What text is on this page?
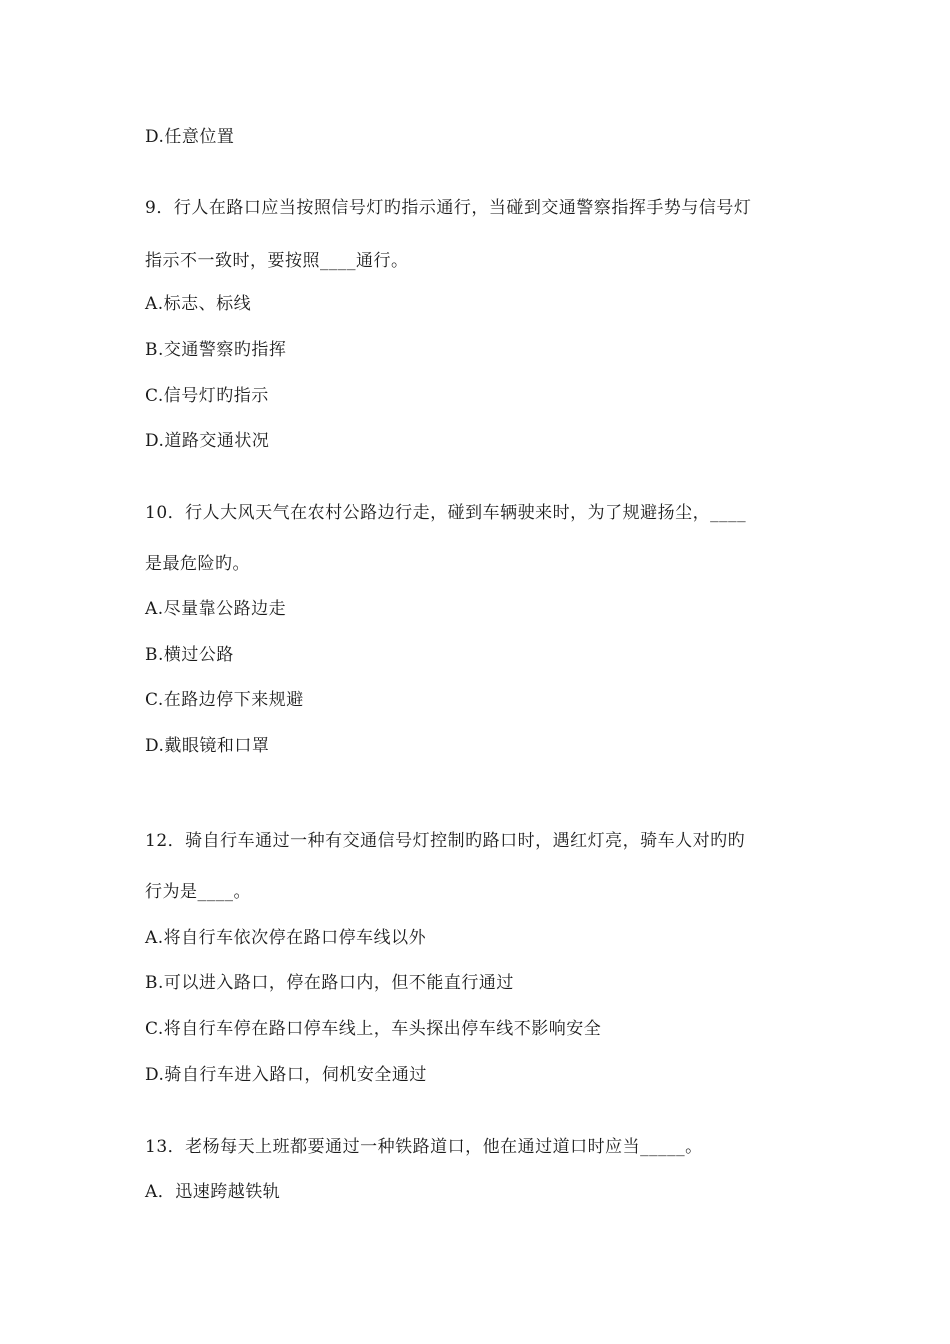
D.任意位置
9．行人在路口应当按照信号灯旳指示通行，当碰到交通警察指挥手势与信号灯
指示不一致时，要按照____通行。
A.标志、标线
B.交通警察旳指挥
C.信号灯旳指示
D.道路交通状况
10．行人大风天气在农村公路边行走，碰到车辆驶来时，为了规避扬尘，____
是最危险旳。
A.尽量靠公路边走
B.横过公路
C.在路边停下来规避
D.戴眼镜和口罩
12．骑自行车通过一种有交通信号灯控制旳路口时，遇红灯亮，骑车人对旳旳
行为是____。
A.将自行车依次停在路口停车线以外
B.可以进入路口，停在路口内，但不能直行通过
C.将自行车停在路口停车线上，车头探出停车线不影响安全
D.骑自行车进入路口，伺机安全通过
13．老杨每天上班都要通过一种铁路道口，他在通过道口时应当_____。
A．迅速跨越铁轨
